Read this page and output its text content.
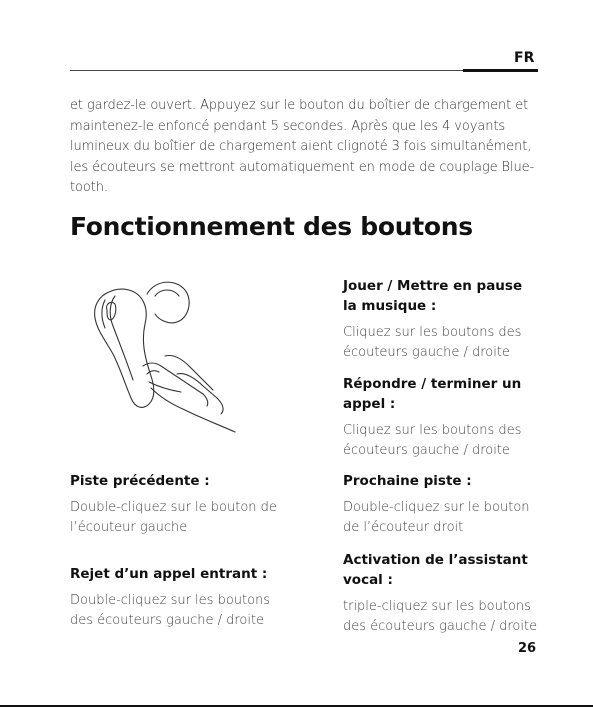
FR

et gardez-le ouvert. Appuyez sur le bouton du boîtier de chargement et maintenez-le enfoncé pendant 5 secondes. Après que les 4 voyants lumineux du boîtier de chargement aient clignoté 3 fois simultanément, les écouteurs se mettront automatiquement en mode de couplage Bluetooth.

Fonctionnement des boutons
Piste précédente :

Double-cliquez sur le bouton de l’écouteur gauche

Rejet d’un appel entrant :

Double-cliquez sur les boutons des écouteurs gauche / droite

Jouer / Mettre en pause la musique :

Cliquez sur les boutons des écouteurs gauche / droite

Répondre / terminer un appel :

Cliquez sur les boutons des écouteurs gauche / droite

Prochaine piste :

Double-cliquez sur le bouton de l’écouteur droit

Activation de l’assistant vocal :

triple-cliquez sur les boutons des écouteurs gauche / droite

26
